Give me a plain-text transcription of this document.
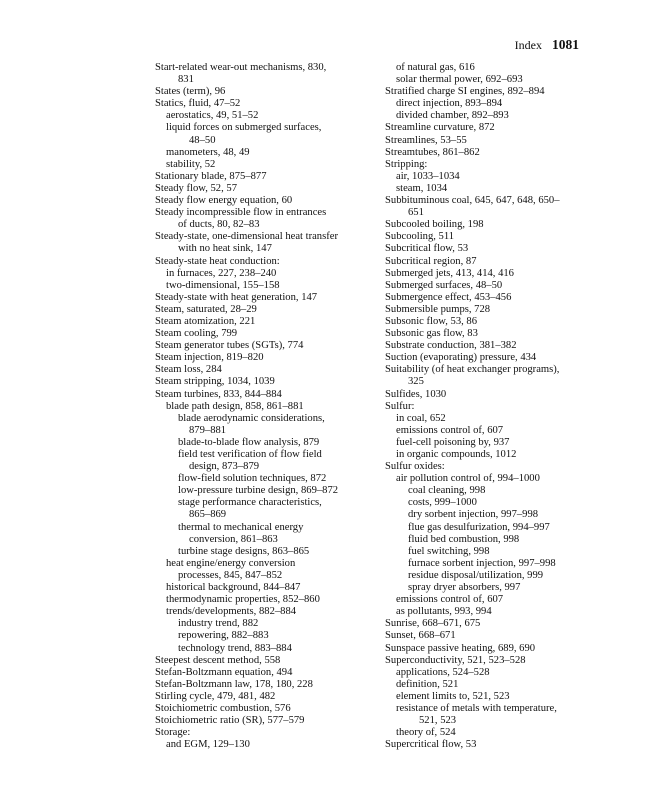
Index 1081
Start-related wear-out mechanisms, 830,
831
States (term), 96
Statics, fluid, 47–52
aerostatics, 49, 51–52
liquid forces on submerged surfaces,
48–50
manometers, 48, 49
stability, 52
Stationary blade, 875–877
Steady flow, 52, 57
Steady flow energy equation, 60
Steady incompressible flow in entrances
of ducts, 80, 82–83
Steady-state, one-dimensional heat transfer
with no heat sink, 147
Steady-state heat conduction:
in furnaces, 227, 238–240
two-dimensional, 155–158
Steady-state with heat generation, 147
Steam, saturated, 28–29
Steam atomization, 221
Steam cooling, 799
Steam generator tubes (SGTs), 774
Steam injection, 819–820
Steam loss, 284
Steam stripping, 1034, 1039
Steam turbines, 833, 844–884
blade path design, 858, 861–881
blade aerodynamic considerations,
879–881
blade-to-blade flow analysis, 879
field test verification of flow field
design, 873–879
flow-field solution techniques, 872
low-pressure turbine design, 869–872
stage performance characteristics,
865–869
thermal to mechanical energy
conversion, 861–863
turbine stage designs, 863–865
heat engine/energy conversion
processes, 845, 847–852
historical background, 844–847
thermodynamic properties, 852–860
trends/developments, 882–884
industry trend, 882
repowering, 882–883
technology trend, 883–884
Steepest descent method, 558
Stefan-Boltzmann equation, 494
Stefan-Boltzmann law, 178, 180, 228
Stirling cycle, 479, 481, 482
Stoichiometric combustion, 576
Stoichiometric ratio (SR), 577–579
Storage:
and EGM, 129–130
of natural gas, 616
solar thermal power, 692–693
Stratified charge SI engines, 892–894
direct injection, 893–894
divided chamber, 892–893
Streamline curvature, 872
Streamlines, 53–55
Streamtubes, 861–862
Stripping:
air, 1033–1034
steam, 1034
Subbituminous coal, 645, 647, 648, 650–
651
Subcooled boiling, 198
Subcooling, 511
Subcritical flow, 53
Subcritical region, 87
Submerged jets, 413, 414, 416
Submerged surfaces, 48–50
Submergence effect, 453–456
Submersible pumps, 728
Subsonic flow, 53, 86
Subsonic gas flow, 83
Substrate conduction, 381–382
Suction (evaporating) pressure, 434
Suitability (of heat exchanger programs),
325
Sulfides, 1030
Sulfur:
in coal, 652
emissions control of, 607
fuel-cell poisoning by, 937
in organic compounds, 1012
Sulfur oxides:
air pollution control of, 994–1000
coal cleaning, 998
costs, 999–1000
dry sorbent injection, 997–998
flue gas desulfurization, 994–997
fluid bed combustion, 998
fuel switching, 998
furnace sorbent injection, 997–998
residue disposal/utilization, 999
spray dryer absorbers, 997
emissions control of, 607
as pollutants, 993, 994
Sunrise, 668–671, 675
Sunset, 668–671
Sunspace passive heating, 689, 690
Superconductivity, 521, 523–528
applications, 524–528
definition, 521
element limits to, 521, 523
resistance of metals with temperature,
521, 523
theory of, 524
Supercritical flow, 53
